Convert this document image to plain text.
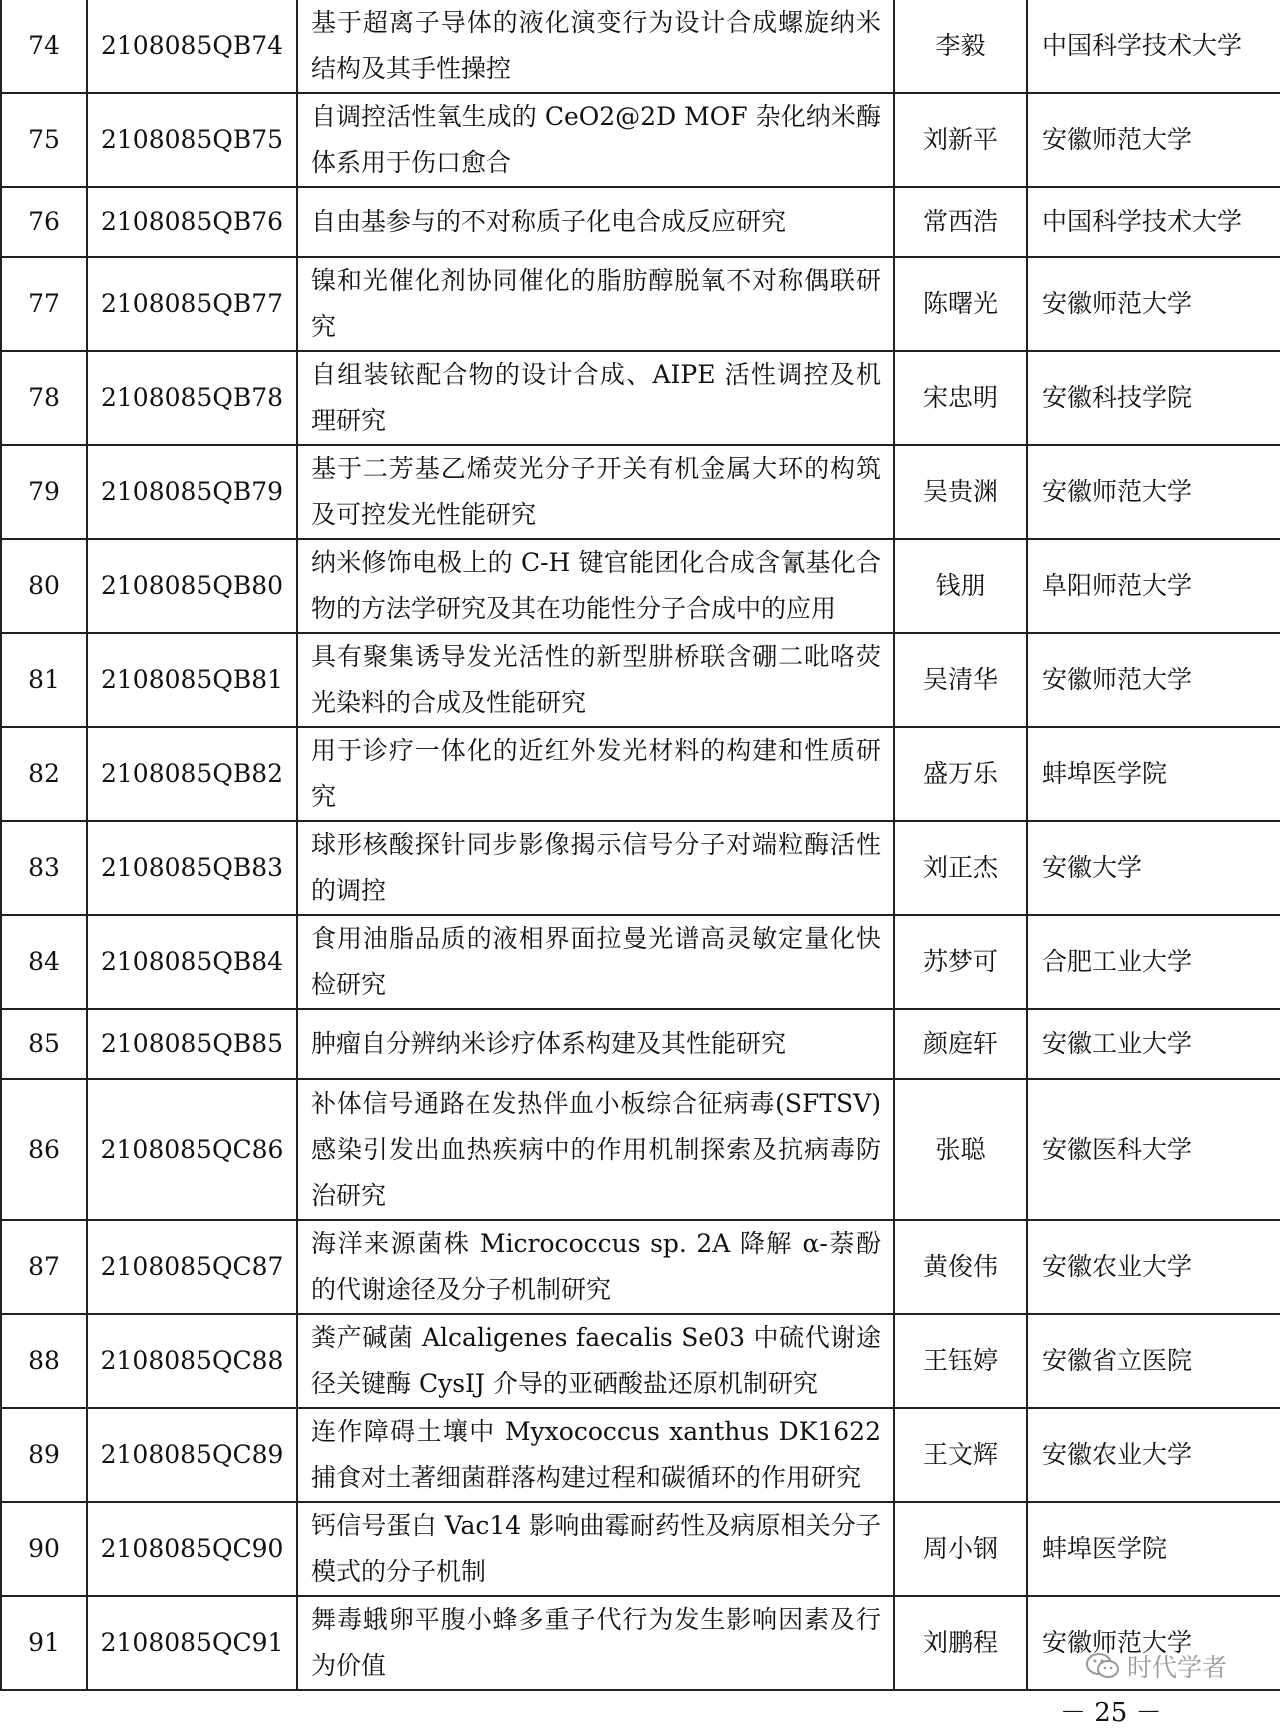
74	2108085QB74	基于超离子导体的液化演变行为设计合成螺旋纳米结构及其手性操控	李毅	中国科学技术大学
75	2108085QB75	自调控活性氧生成的 CeO2@2D MOF 杂化纳米酶体系用于伤口愈合	刘新平	安徽师范大学
76	2108085QB76	自由基参与的不对称质子化电合成反应研究	常西浩	中国科学技术大学
77	2108085QB77	镍和光催化剂协同催化的脂肪醇脱氧不对称偶联研究	陈曙光	安徽师范大学
78	2108085QB78	自组装铱配合物的设计合成、AIPE 活性调控及机理研究	宋忠明	安徽科技学院
79	2108085QB79	基于二芳基乙烯荧光分子开关有机金属大环的构筑及可控发光性能研究	吴贵渊	安徽师范大学
80	2108085QB80	纳米修饰电极上的 C-H 键官能团化合成含氰基化合物的方法学研究及其在功能性分子合成中的应用	钱朋	阜阳师范大学
81	2108085QB81	具有聚集诱导发光活性的新型肼桥联含硼二吡咯荧光染料的合成及性能研究	吴清华	安徽师范大学
82	2108085QB82	用于诊疗一体化的近红外发光材料的构建和性质研究	盛万乐	蚌埠医学院
83	2108085QB83	球形核酸探针同步影像揭示信号分子对端粒酶活性的调控	刘正杰	安徽大学
84	2108085QB84	食用油脂品质的液相界面拉曼光谱高灵敏定量化快检研究	苏梦可	合肥工业大学
85	2108085QB85	肿瘤自分辨纳米诊疗体系构建及其性能研究	颜庭轩	安徽工业大学
86	2108085QC86	补体信号通路在发热伴血小板综合征病毒(SFTSV)感染引发出血热疾病中的作用机制探索及抗病毒防治研究	张聪	安徽医科大学
87	2108085QC87	海洋来源菌株 Micrococcus sp. 2A 降解 α-萘酚的代谢途径及分子机制研究	黄俊伟	安徽农业大学
88	2108085QC88	粪产碱菌 Alcaligenes faecalis Se03 中硫代谢途径关键酶 CysIJ 介导的亚硒酸盐还原机制研究	王钰婷	安徽省立医院
89	2108085QC89	连作障碍土壤中 Myxococcus xanthus DK1622 捕食对土著细菌群落构建过程和碳循环的作用研究	王文辉	安徽农业大学
90	2108085QC90	钙信号蛋白 Vac14 影响曲霉耐药性及病原相关分子模式的分子机制	周小钢	蚌埠医学院
91	2108085QC91	舞毒蛾卵平腹小蜂多重子代行为发生影响因素及行为价值	刘鹏程	安徽师范大学
时代学者
－ 25 －
